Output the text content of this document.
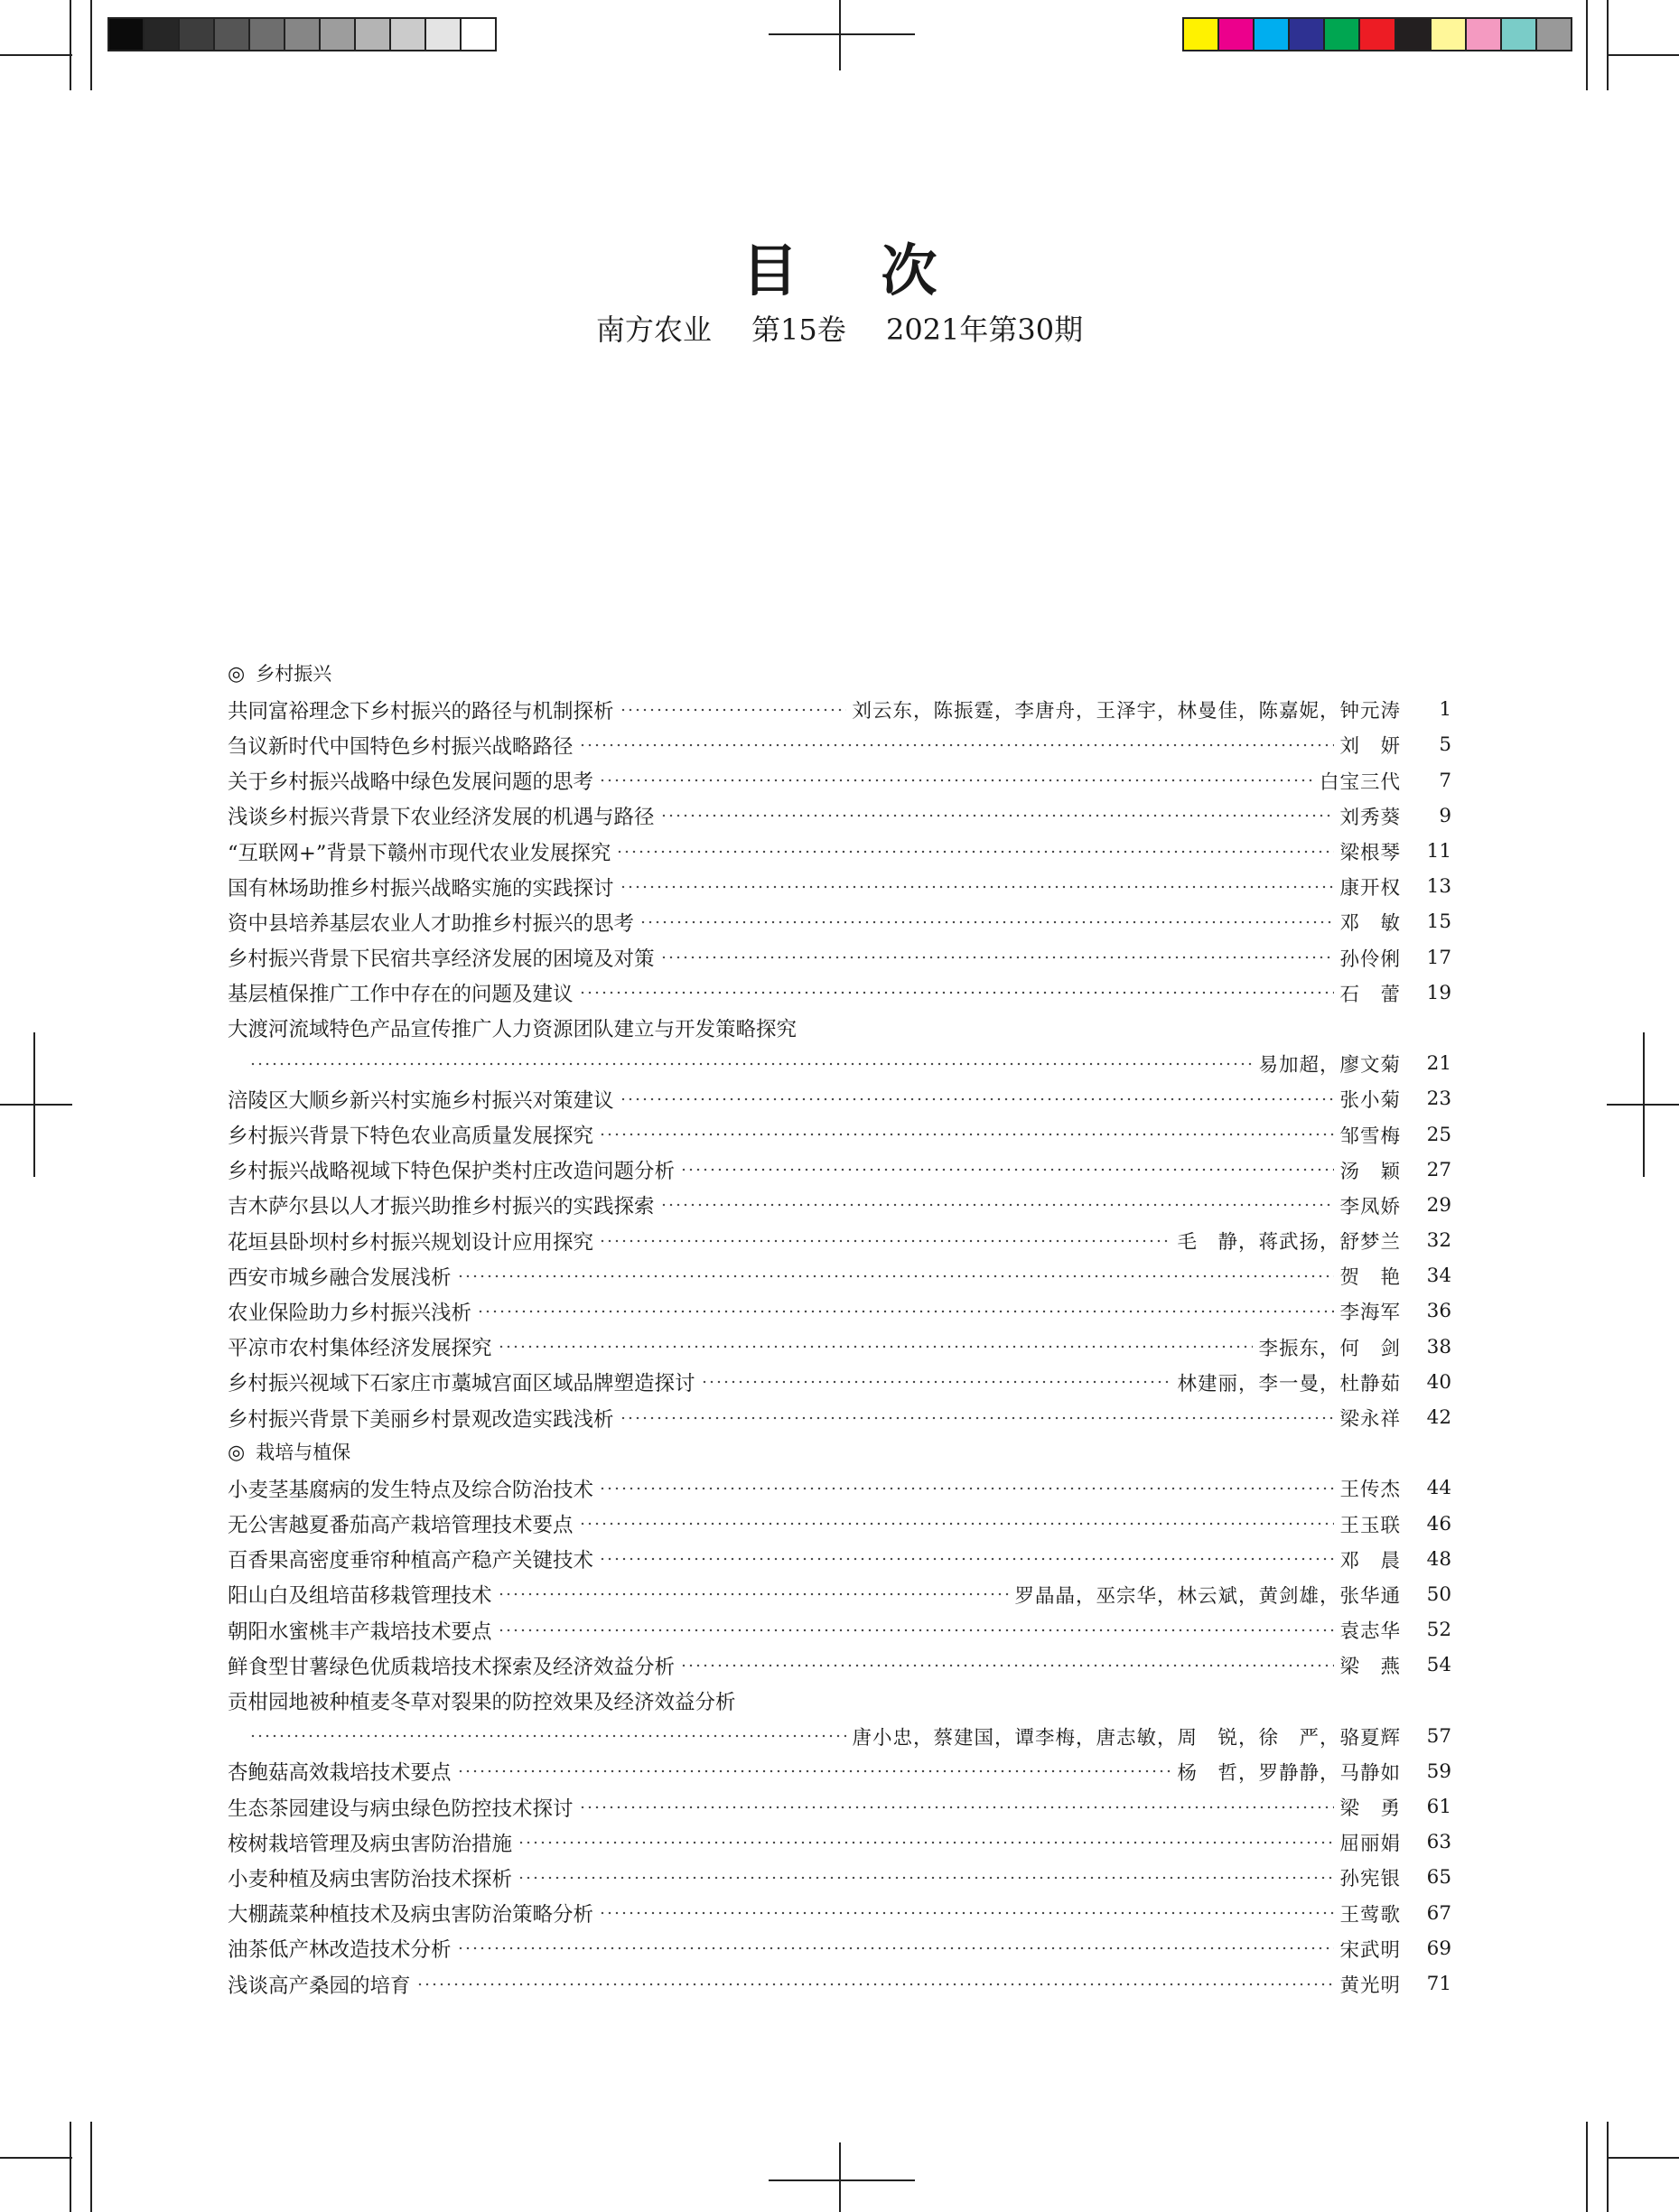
目 次
南方农业 第15卷 2021年第30期
◎ 乡村振兴
共同富裕理念下乡村振兴的路径与机制探析	刘云东，陈振霆，李唐舟，王泽宇，林曼佳，陈嘉妮，钟元涛	1
刍议新时代中国特色乡村振兴战略路径	刘　妍	5
关于乡村振兴战略中绿色发展问题的思考	白宝三代	7
浅谈乡村振兴背景下农业经济发展的机遇与路径	刘秀葵	9
“互联网+”背景下赣州市现代农业发展探究	梁根琴	11
国有林场助推乡村振兴战略实施的实践探讨	康开权	13
资中县培养基层农业人才助推乡村振兴的思考	邓　敏	15
乡村振兴背景下民宿共享经济发展的困境及对策	孙伶俐	17
基层植保推广工作中存在的问题及建议	石　蕾	19
大渡河流域特色产品宣传推广人力资源团队建立与开发策略探究
易加超，廖文菊	21
涪陵区大顺乡新兴村实施乡村振兴对策建议	张小菊	23
乡村振兴背景下特色农业高质量发展探究	邹雪梅	25
乡村振兴战略视域下特色保护类村庄改造问题分析	汤　颖	27
吉木萨尔县以人才振兴助推乡村振兴的实践探索	李凤娇	29
花垣县卧坝村乡村振兴规划设计应用探究	毛　静，蒋武扬，舒梦兰	32
西安市城乡融合发展浅析	贺　艳	34
农业保险助力乡村振兴浅析	李海军	36
平凉市农村集体经济发展探究	李振东，何　剑	38
乡村振兴视域下石家庄市藁城宫面区域品牌塑造探讨	林建丽，李一曼，杜静茹	40
乡村振兴背景下美丽乡村景观改造实践浅析	梁永祥	42
◎ 栽培与植保
小麦茎基腐病的发生特点及综合防治技术	王传杰	44
无公害越夏番茄高产栽培管理技术要点	王玉联	46
百香果高密度垂帘种植高产稳产关键技术	邓　晨	48
阳山白及组培苗移栽管理技术	罗晶晶，巫宗华，林云斌，黄剑雄，张华通	50
朝阳水蜜桃丰产栽培技术要点	袁志华	52
鲜食型甘薯绿色优质栽培技术探索及经济效益分析	梁　燕	54
贡柑园地被种植麦冬草对裂果的防控效果及经济效益分析
唐小忠，蔡建国，谭李梅，唐志敏，周　锐，徐　严，骆夏辉	57
杏鲍菇高效栽培技术要点	杨　哲，罗静静，马静如	59
生态茶园建设与病虫绿色防控技术探讨	梁　勇	61
桉树栽培管理及病虫害防治措施	屈丽娟	63
小麦种植及病虫害防治技术探析	孙宪银	65
大棚蔬菜种植技术及病虫害防治策略分析	王莺歌	67
油茶低产林改造技术分析	宋武明	69
浅谈高产桑园的培育	黄光明	71
